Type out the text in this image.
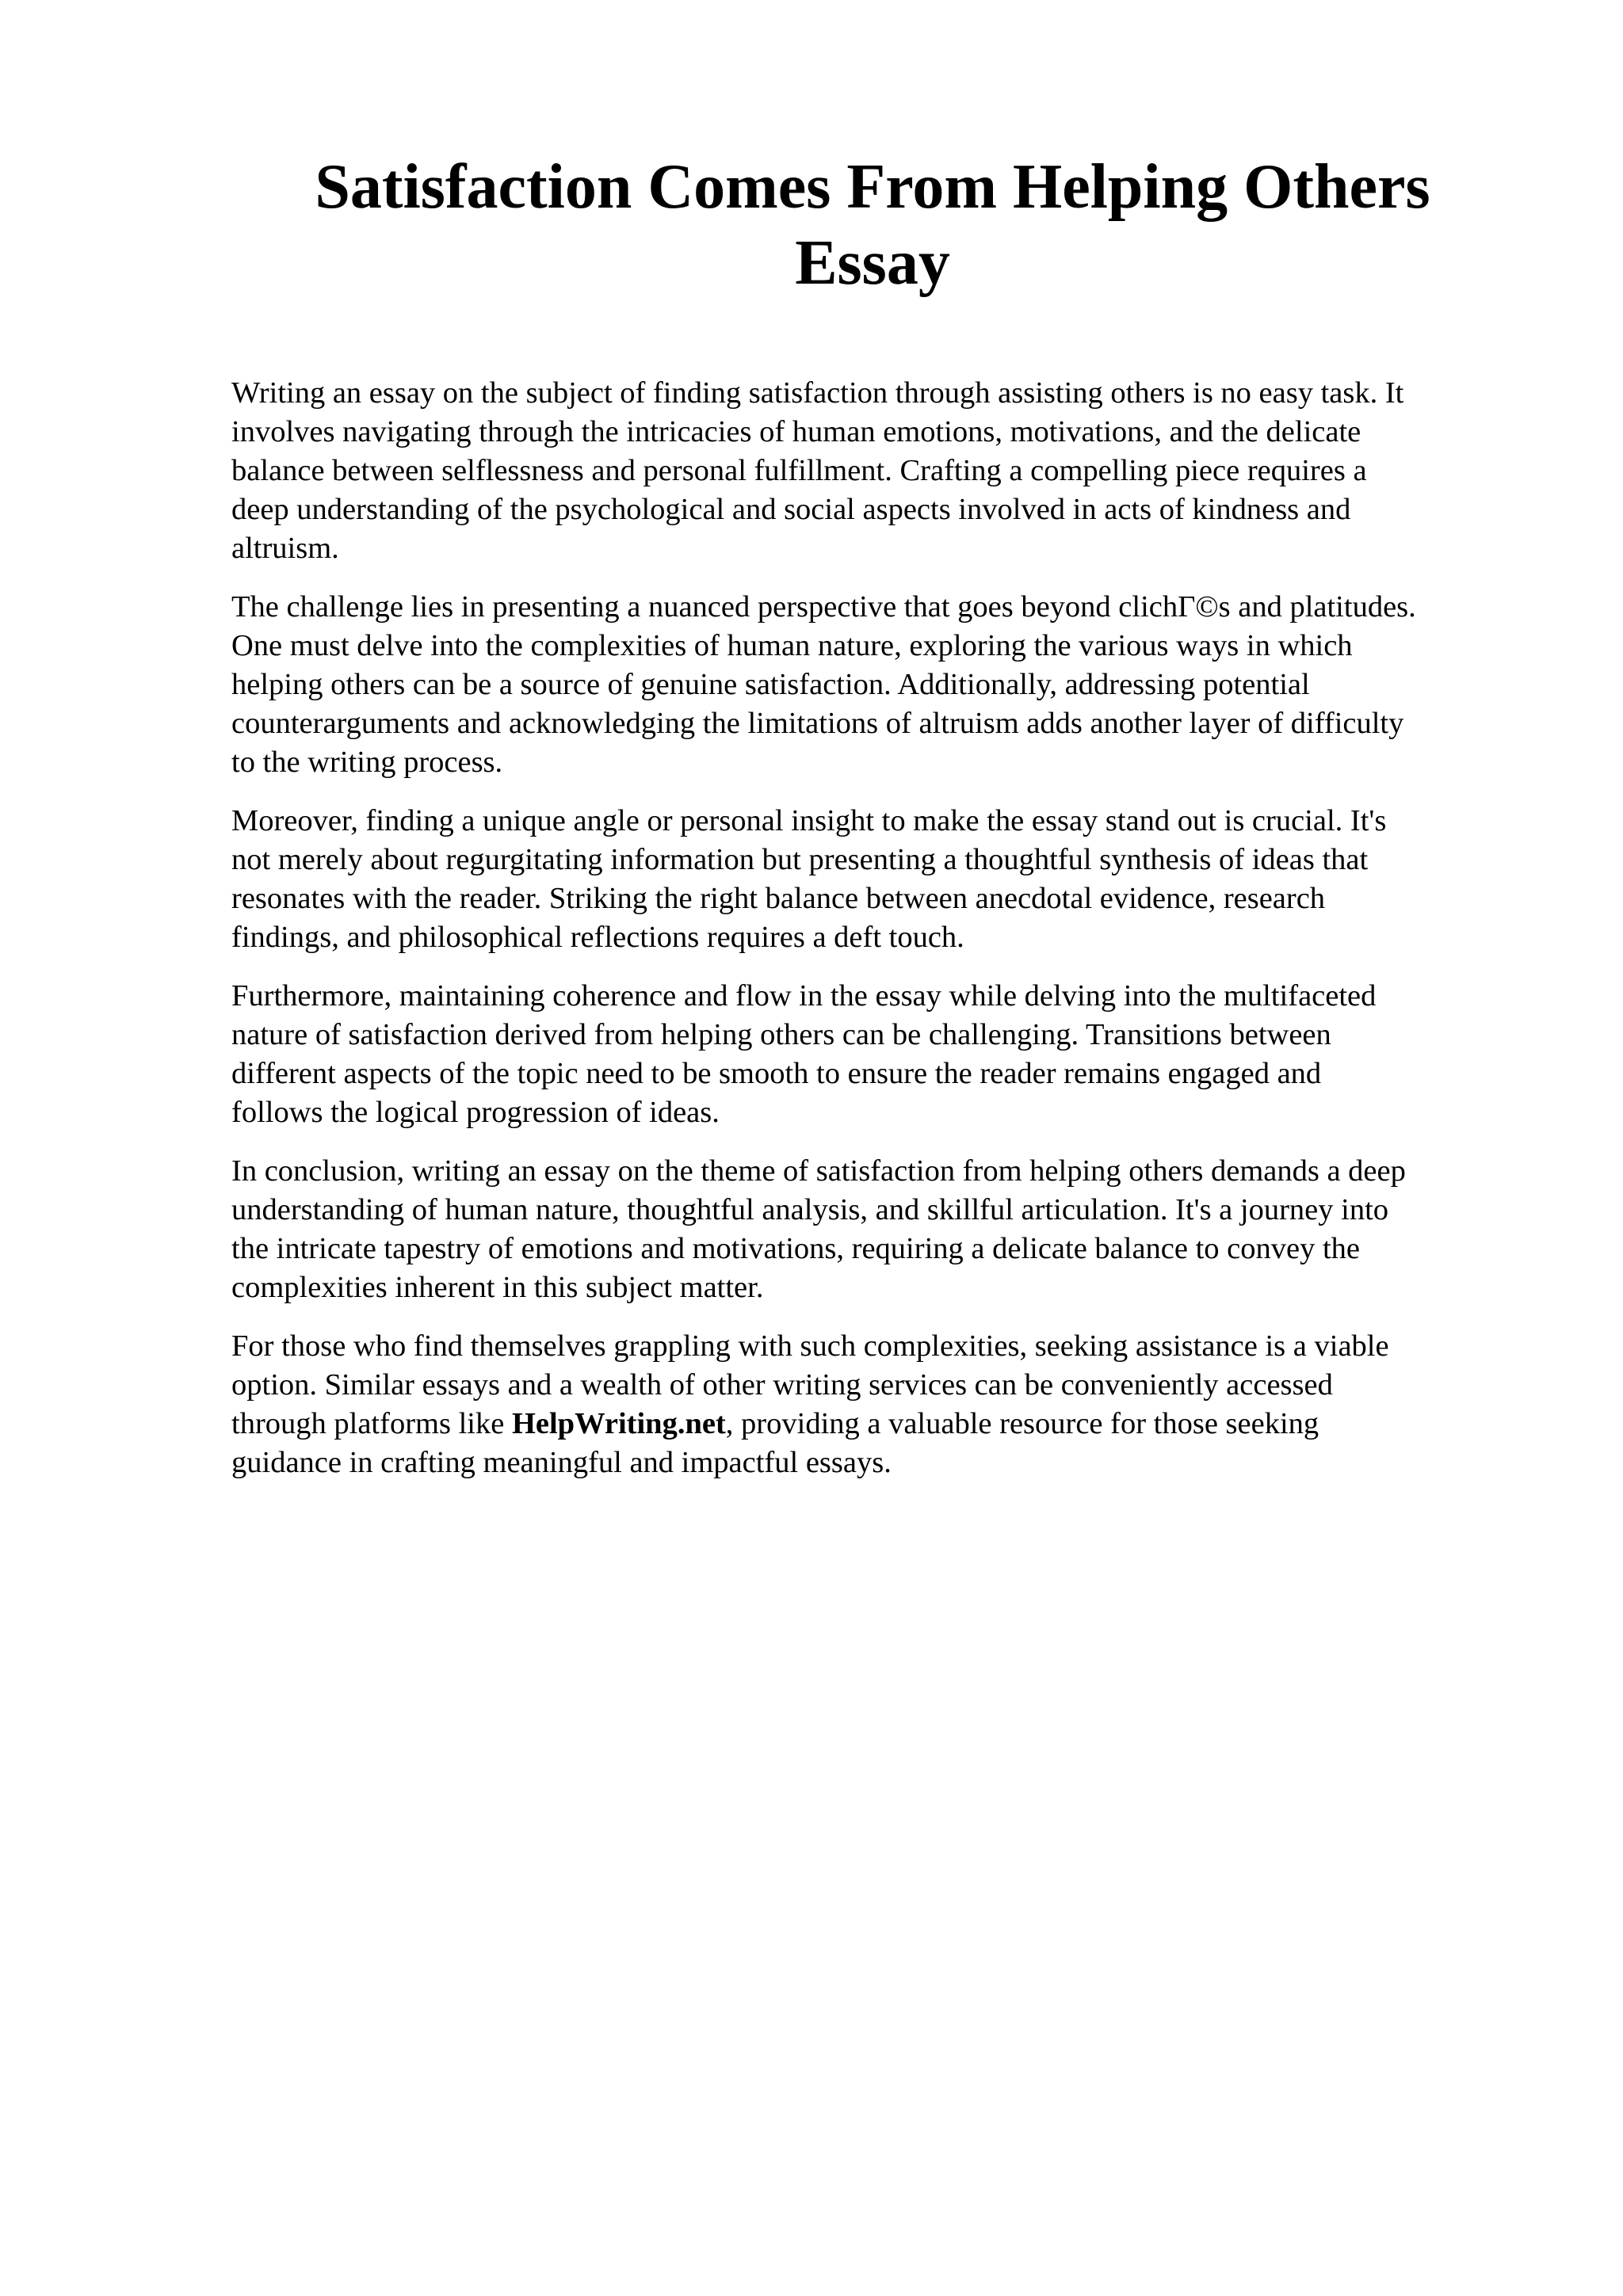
Satisfaction Comes From Helping Others
Essay

Writing an essay on the subject of finding satisfaction through assisting others is no easy task. It
involves navigating through the intricacies of human emotions, motivations, and the delicate
balance between selflessness and personal fulfillment. Crafting a compelling piece requires a
deep understanding of the psychological and social aspects involved in acts of kindness and
altruism.

The challenge lies in presenting a nuanced perspective that goes beyond clichГ©s and platitudes.
One must delve into the complexities of human nature, exploring the various ways in which
helping others can be a source of genuine satisfaction. Additionally, addressing potential
counterarguments and acknowledging the limitations of altruism adds another layer of difficulty
to the writing process.

Moreover, finding a unique angle or personal insight to make the essay stand out is crucial. It's
not merely about regurgitating information but presenting a thoughtful synthesis of ideas that
resonates with the reader. Striking the right balance between anecdotal evidence, research
findings, and philosophical reflections requires a deft touch.

Furthermore, maintaining coherence and flow in the essay while delving into the multifaceted
nature of satisfaction derived from helping others can be challenging. Transitions between
different aspects of the topic need to be smooth to ensure the reader remains engaged and
follows the logical progression of ideas.

In conclusion, writing an essay on the theme of satisfaction from helping others demands a deep
understanding of human nature, thoughtful analysis, and skillful articulation. It's a journey into
the intricate tapestry of emotions and motivations, requiring a delicate balance to convey the
complexities inherent in this subject matter.

For those who find themselves grappling with such complexities, seeking assistance is a viable
option. Similar essays and a wealth of other writing services can be conveniently accessed
through platforms like HelpWriting.net, providing a valuable resource for those seeking
guidance in crafting meaningful and impactful essays.
